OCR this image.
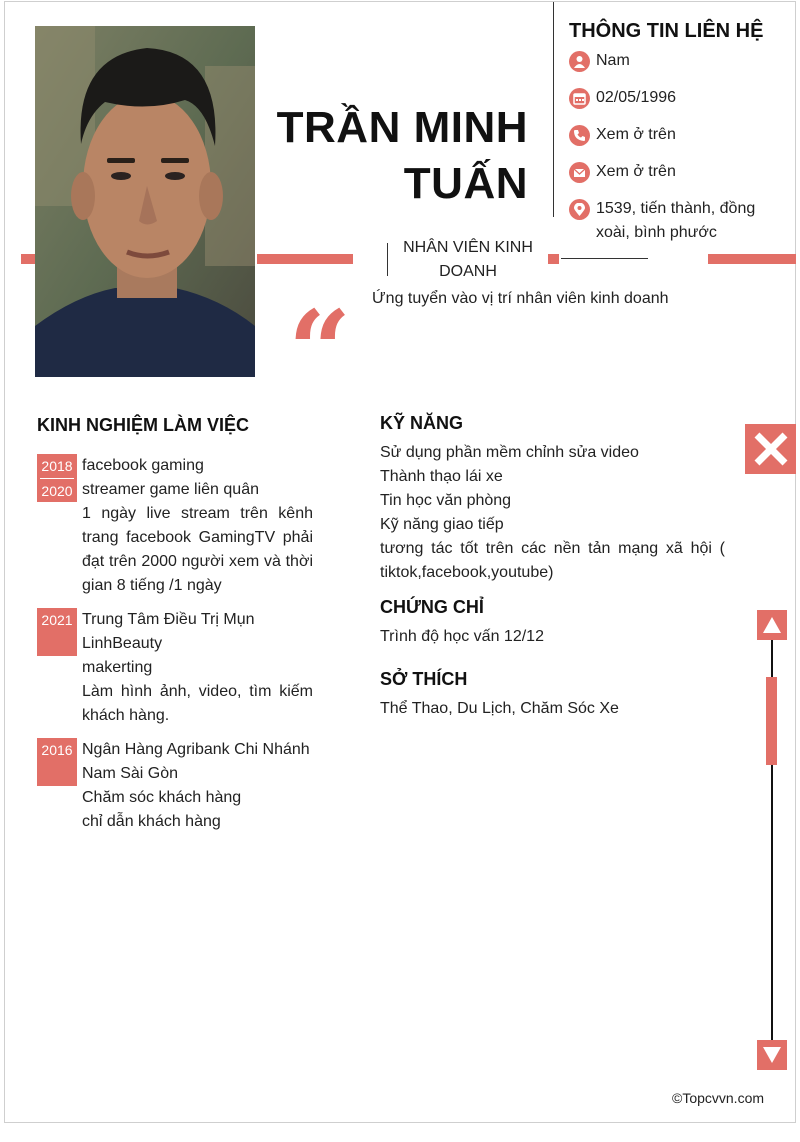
TRẦN MINH
TUẤN
THÔNG TIN LIÊN HỆ
Nam
02/05/1996
Xem ở trên
Xem ở trên
1539, tiến thành, đồng xoài, bình phước
NHÂN VIÊN KINH DOANH
“ Ứng tuyển vào vị trí nhân viên kinh doanh
KINH NGHIỆM LÀM VIỆC
2018
2020
facebook gaming
streamer game liên quân
1 ngày live stream trên kênh trang facebook GamingTV phải đạt trên 2000 người xem và thời gian 8 tiếng /1 ngày
2021 Trung Tâm Điều Trị Mụn LinhBeauty
makerting
Làm hình ảnh, video, tìm kiếm khách hàng.
2016 Ngân Hàng Agribank Chi Nhánh Nam Sài Gòn
Chăm sóc khách hàng
chỉ dẫn khách hàng
KỸ NĂNG
Sử dụng phần mềm chỉnh sửa video
Thành thạo lái xe
Tin học văn phòng
Kỹ năng giao tiếp
tương tác tốt trên các nền tản mạng xã hội ( tiktok,facebook,youtube)
CHỨNG CHỈ
Trình độ học vấn 12/12
SỞ THÍCH
Thể Thao, Du Lịch, Chăm Sóc Xe
©Topcvvn.com
